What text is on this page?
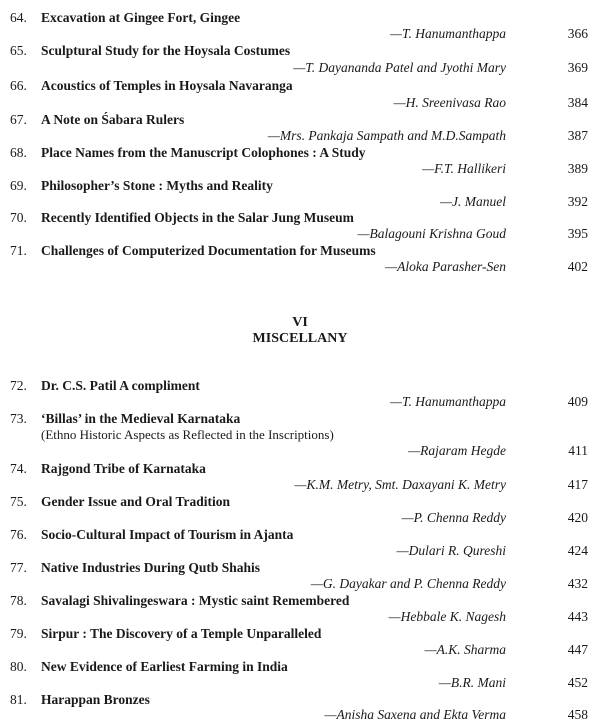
64.	Excavation at Gingee Fort, Gingee
—T. Hanumanthappa	366
65.	Sculptural Study for the Hoysala Costumes
—T. Dayananda Patel and Jyothi Mary	369
66.	Acoustics of Temples in Hoysala Navaranga
—H. Sreenivasa Rao	384
67.	A Note on Śabara Rulers
—Mrs. Pankaja Sampath and M.D.Sampath	387
68.	Place Names from the Manuscript Colophones : A Study
—F.T. Hallikeri	389
69.	Philosopher’s Stone : Myths and Reality
—J. Manuel	392
70.	Recently Identified Objects in the Salar Jung Museum
—Balagouni Krishna Goud	395
71.	Challenges of Computerized Documentation for Museums
—Aloka Parasher-Sen	402
VI
MISCELLANY
72.	Dr. C.S. Patil A compliment
—T. Hanumanthappa	409
73.	‘Billas’ in the Medieval Karnataka
(Ethno Historic Aspects as Reflected in the Inscriptions)
—Rajaram Hegde	411
74.	Rajgond Tribe of Karnataka
—K.M. Metry, Smt. Daxayani K. Metry	417
75.	Gender Issue and Oral Tradition
—P. Chenna Reddy	420
76.	Socio-Cultural Impact of Tourism in Ajanta
—Dulari R. Qureshi	424
77.	Native Industries During Qutb Shahis
—G. Dayakar and P. Chenna Reddy	432
78.	Savalagi Shivalingeswara : Mystic saint Remembered
—Hebbale K. Nagesh	443
79.	Sirpur : The Discovery of a Temple Unparalleled
—A.K. Sharma	447
80.	New Evidence of Earliest Farming in India
—B.R. Mani	452
81.	Harappan Bronzes
—Anisha Saxena and Ekta Verma	458
